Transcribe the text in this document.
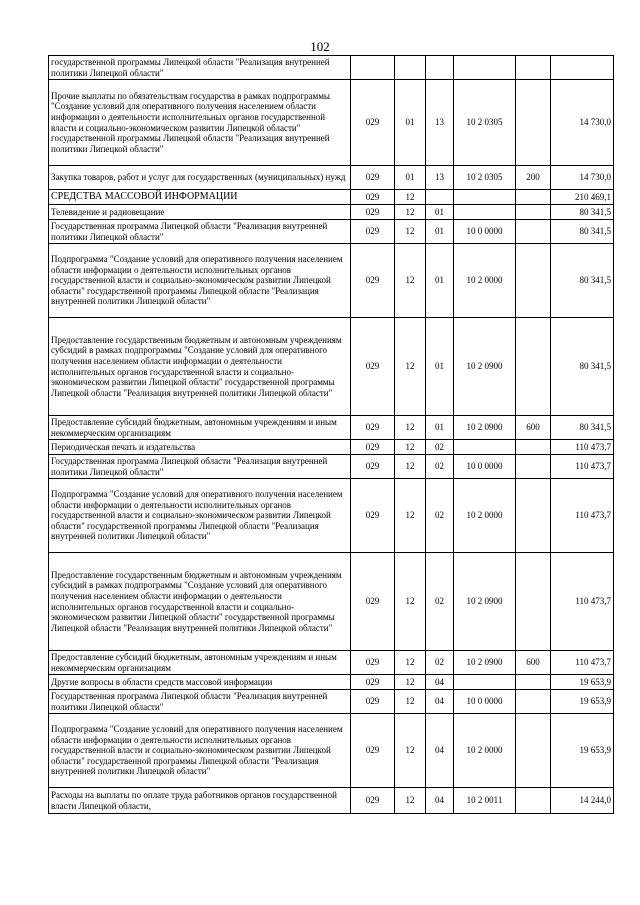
102
государственной программы Липецкой области "Реализация внутренней политики Липецкой области"						
Прочие выплаты по обязательствам государства в рамках подпрограммы "Создание условий для оперативного получения населением области информации о деятельности исполнительных органов государственной власти и социально-экономическом развитии Липецкой области" государственной программы Липецкой области "Реализация внутренней политики Липецкой области"	029	01	13	10 2 0305		14 730,0
Закупка товаров, работ и услуг для государственных (муниципальных) нужд	029	01	13	10 2 0305	200	14 730,0
СРЕДСТВА МАССОВОЙ ИНФОРМАЦИИ	029	12				210 469,1
Телевидение и радиовещание	029	12	01			80 341,5
Государственная программа Липецкой области "Реализация внутренней политики Липецкой области"	029	12	01	10 0 0000		80 341,5
Подпрограмма "Создание условий для оперативного получения населением области информации о деятельности исполнительных органов государственной власти и социально-экономическом развитии Липецкой области" государственной программы Липецкой области "Реализация внутренней политики Липецкой области"	029	12	01	10 2 0000		80 341,5
Предоставление государственным бюджетным и автономным учреждениям субсидий в рамках подпрограммы "Создание условий для оперативного получения населением области информации о деятельности исполнительных органов государственной власти и социально-экономическом развитии Липецкой области" государственной программы Липецкой области "Реализация внутренней политики Липецкой области"	029	12	01	10 2 0900		80 341,5
Предоставление субсидий бюджетным, автономным учреждениям и иным некоммерческим организациям	029	12	01	10 2 0900	600	80 341,5
Периодическая печать и издательства	029	12	02			110 473,7
Государственная программа Липецкой области "Реализация внутренней политики Липецкой области"	029	12	02	10 0 0000		110 473,7
Подпрограмма "Создание условий для оперативного получения населением области информации о деятельности исполнительных органов государственной власти и социально-экономическом развитии Липецкой области" государственной программы Липецкой области "Реализация внутренней политики Липецкой области"	029	12	02	10 2 0000		110 473,7
Предоставление государственным бюджетным и автономным учреждениям субсидий в рамках подпрограммы "Создание условий для оперативного получения населением области информации о деятельности исполнительных органов государственной власти и социально-экономическом развитии Липецкой области" государственной программы Липецкой области "Реализация внутренней политики Липецкой области"	029	12	02	10 2 0900		110 473,7
Предоставление субсидий бюджетным, автономным учреждениям и иным некоммерческим организациям	029	12	02	10 2 0900	600	110 473,7
Другие вопросы в области средств массовой информации	029	12	04			19 653,9
Государственная программа Липецкой области "Реализация внутренней политики Липецкой области"	029	12	04	10 0 0000		19 653,9
Подпрограмма "Создание условий для оперативного получения населением области информации о деятельности исполнительных органов государственной власти и социально-экономическом развитии Липецкой области" государственной программы Липецкой области "Реализация внутренней политики Липецкой области"	029	12	04	10 2 0000		19 653,9
Расходы на выплаты по оплате труда работников органов государственной власти Липецкой области,	029	12	04	10 2 0011		14 244,0
